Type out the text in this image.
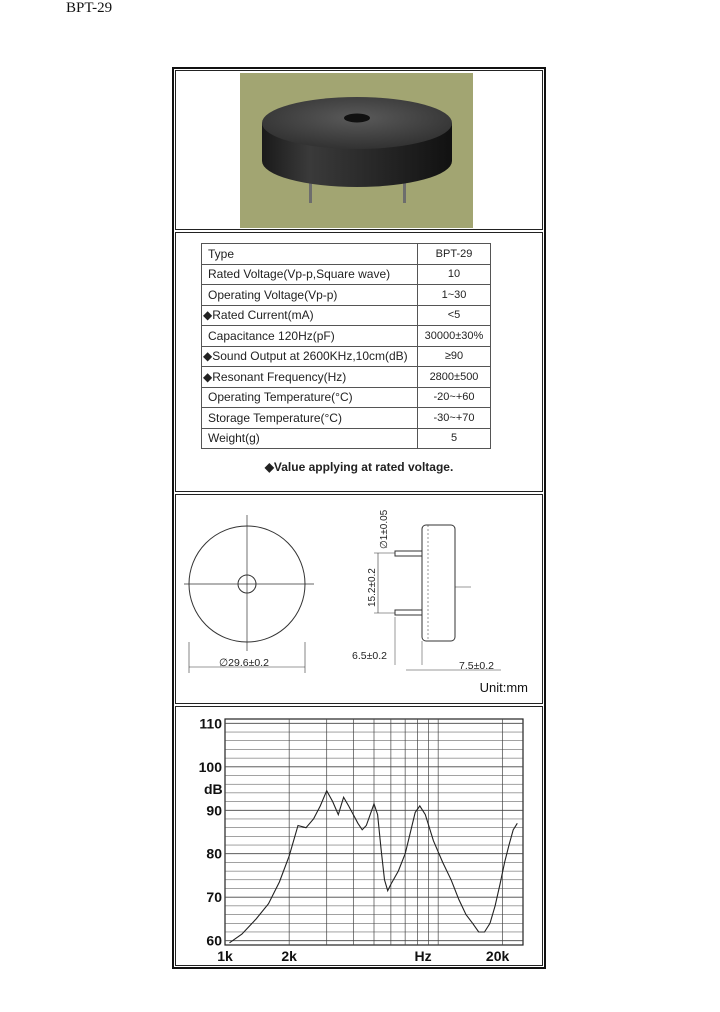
BPT-29
Type	BPT-29
Rated Voltage(Vp-p,Square wave)	10
Operating Voltage(Vp-p)	1~30
◆Rated Current(mA)	<5
Capacitance 120Hz(pF)	30000±30%
◆Sound Output at 2600KHz,10cm(dB)	≥90
◆Resonant Frequency(Hz)	2800±500
Operating Temperature(°C)	-20~+60
Storage Temperature(°C)	-30~+70
Weight(g)	5
◆Value applying at rated voltage.
∅29.6±0.2
∅1±0.05
15.2±0.2
6.5±0.2
7.5±0.2
Unit:mm
110
100
90
80
70
60
1k	2k	Hz	20k
dB
